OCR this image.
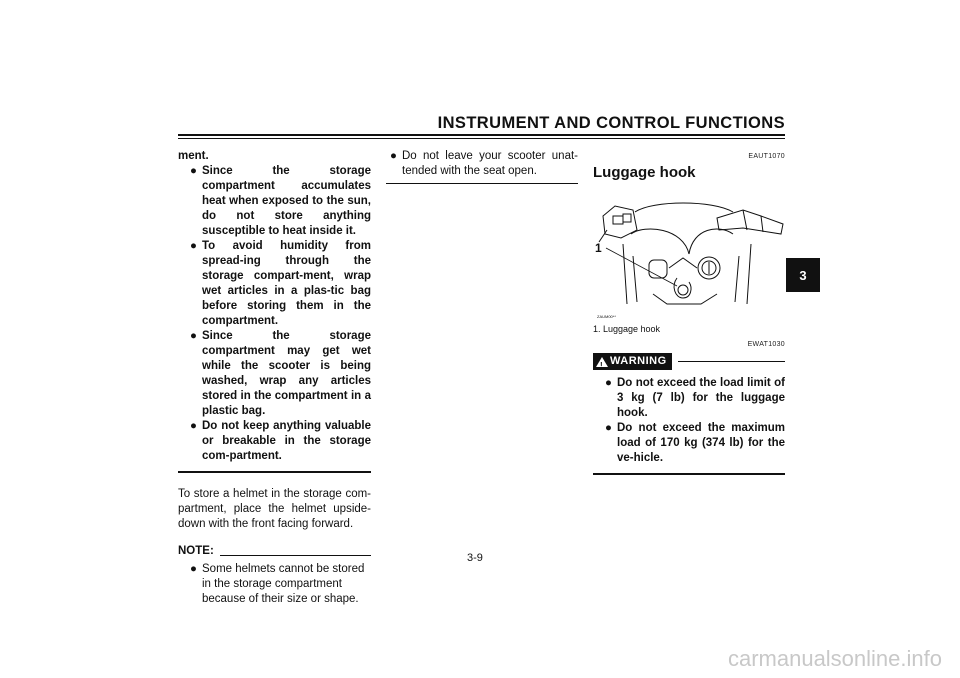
INSTRUMENT AND CONTROL FUNCTIONS
3
ment.

● Since the storage compartment accumulates heat when exposed to the sun, do not store anything susceptible to heat inside it.

● To avoid humidity from spread-ing through the storage compart-ment, wrap wet articles in a plas-tic bag before storing them in the compartment.

● Since the storage compartment may get wet while the scooter is being washed, wrap any articles stored in the compartment in a plastic bag.

● Do not keep anything valuable or breakable in the storage com-partment.

To store a helmet in the storage com-partment, place the helmet upside-down with the front facing forward.
NOTE:

● Some helmets cannot be stored in the storage compartment because of their size or shape.

● Do not leave your scooter unat-tended with the seat open.

EAUT1070
Luggage hook
1
ZAUM00**
1. Luggage hook
EWAT1030
! WARNING

● Do not exceed the load limit of 3 kg (7 lb) for the luggage hook.

● Do not exceed the maximum load of 170 kg (374 lb) for the ve-hicle.

3-9
carmanualsonline.info
